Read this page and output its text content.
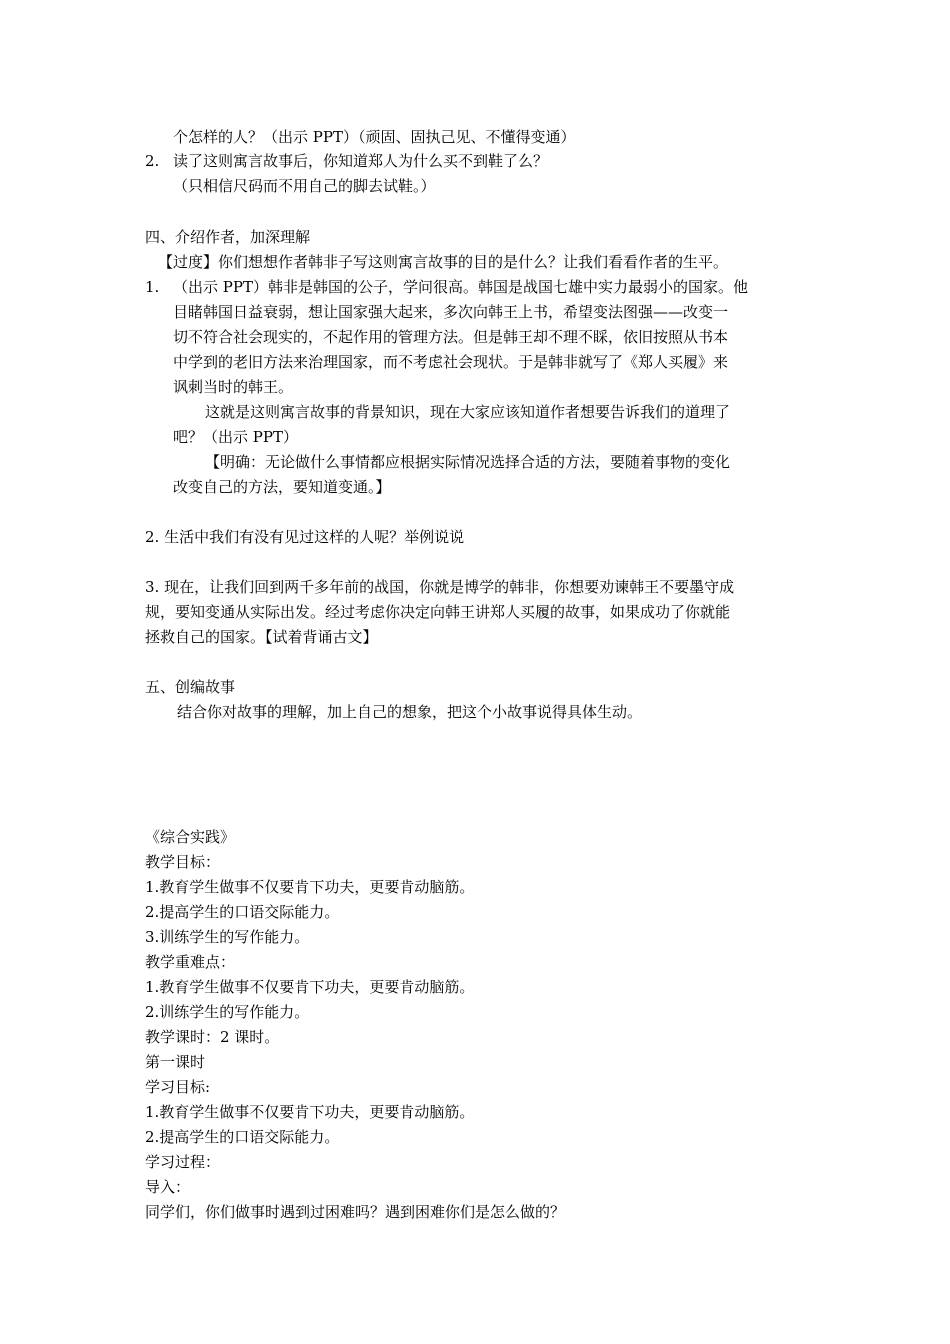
个怎样的人？（出示 PPT）（顽固、固执己见、不懂得变通）
2. 读了这则寓言故事后，你知道郑人为什么买不到鞋了么？
（只相信尺码而不用自己的脚去试鞋。）
四、介绍作者，加深理解
【过度】你们想想作者韩非子写这则寓言故事的目的是什么？让我们看看作者的生平。
1. （出示 PPT）韩非是韩国的公子，学问很高。韩国是战国七雄中实力最弱小的国家。他
目睹韩国日益衰弱，想让国家强大起来，多次向韩王上书，希望变法图强——改变一
切不符合社会现实的，不起作用的管理方法。但是韩王却不理不睬，依旧按照从书本
中学到的老旧方法来治理国家，而不考虑社会现状。于是韩非就写了《郑人买履》来
讽刺当时的韩王。
这就是这则寓言故事的背景知识，现在大家应该知道作者想要告诉我们的道理了
吧？（出示 PPT）
【明确：无论做什么事情都应根据实际情况选择合适的方法，要随着事物的变化
改变自己的方法，要知道变通。】
2. 生活中我们有没有见过这样的人呢？举例说说
3. 现在，让我们回到两千多年前的战国，你就是博学的韩非，你想要劝谏韩王不要墨守成
规，要知变通从实际出发。经过考虑你决定向韩王讲郑人买履的故事，如果成功了你就能
拯救自己的国家。【试着背诵古文】
五、创编故事
结合你对故事的理解，加上自己的想象，把这个小故事说得具体生动。
《综合实践》
教学目标：
1.教育学生做事不仅要肯下功夫，更要肯动脑筋。
2.提高学生的口语交际能力。
3.训练学生的写作能力。
教学重难点：
1.教育学生做事不仅要肯下功夫，更要肯动脑筋。
2.训练学生的写作能力。
教学课时：2 课时。
第一课时
学习目标:
1.教育学生做事不仅要肯下功夫，更要肯动脑筋。
2.提高学生的口语交际能力。
学习过程：
导入：
同学们，你们做事时遇到过困难吗？遇到困难你们是怎么做的？
